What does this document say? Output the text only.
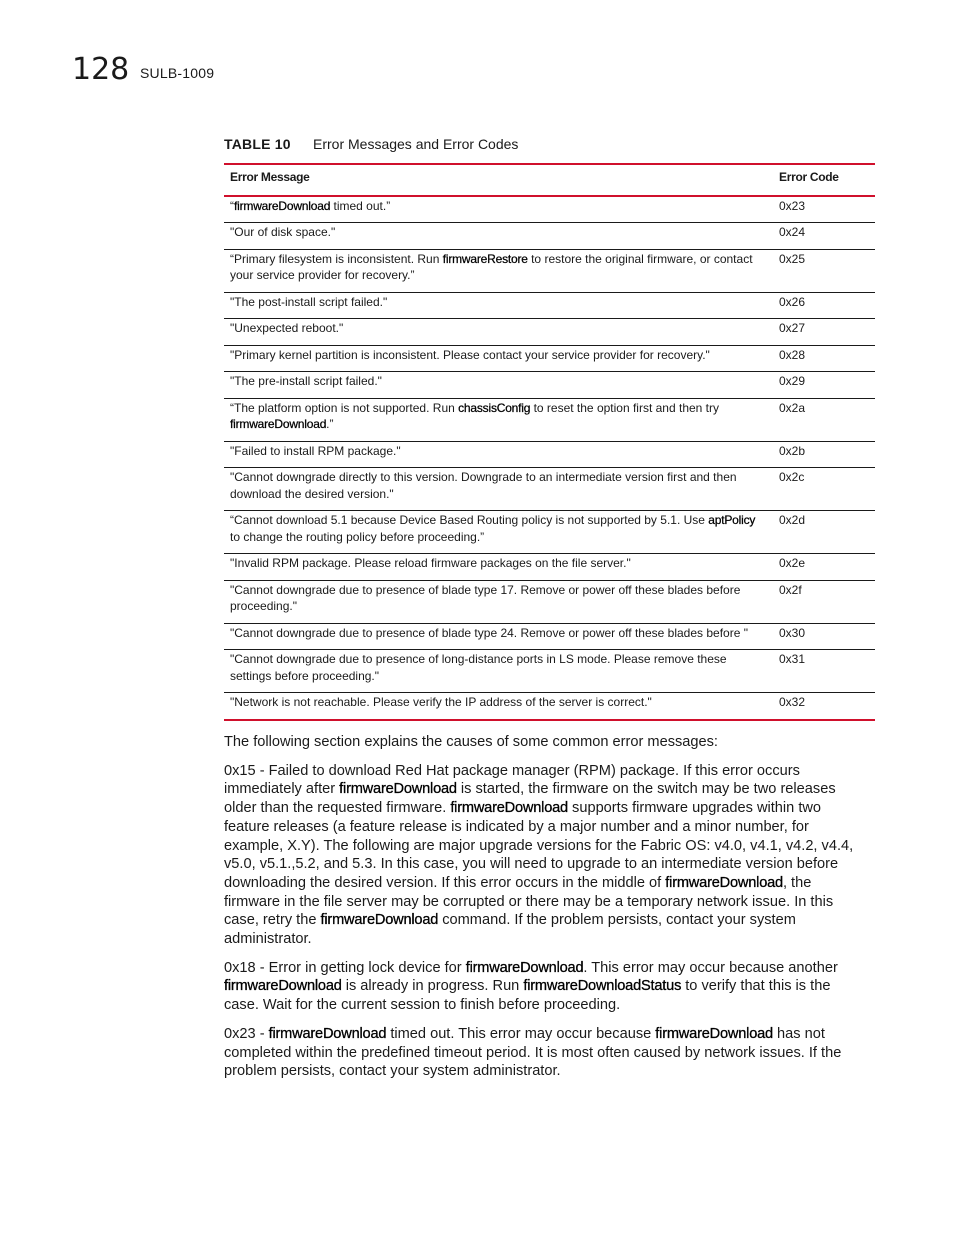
128 SULB-1009
TABLE 10 Error Messages and Error Codes
Error Message	Error Code
“firmwareDownload timed out.”	0x23
"Our of disk space."	0x24
“Primary filesystem is inconsistent. Run firmwareRestore to restore the original firmware, or contact your service provider for recovery.”	0x25
"The post-install script failed."	0x26
"Unexpected reboot."	0x27
"Primary kernel partition is inconsistent. Please contact your service provider for recovery."	0x28
"The pre-install script failed."	0x29
“The platform option is not supported. Run chassisConfig to reset the option first and then try firmwareDownload.”	0x2a
"Failed to install RPM package."	0x2b
"Cannot downgrade directly to this version. Downgrade to an intermediate version first and then download the desired version."	0x2c
“Cannot download 5.1 because Device Based Routing policy is not supported by 5.1. Use aptPolicy to change the routing policy before proceeding.”	0x2d
"Invalid RPM package. Please reload firmware packages on the file server."	0x2e
"Cannot downgrade due to presence of blade type 17. Remove or power off these blades before proceeding."	0x2f
"Cannot downgrade due to presence of blade type 24. Remove or power off these blades before "	0x30
"Cannot downgrade due to presence of long-distance ports in LS mode. Please remove these settings before proceeding."	0x31
"Network is not reachable. Please verify the IP address of the server is correct."	0x32

The following section explains the causes of some common error messages:

0x15 - Failed to download Red Hat package manager (RPM) package. If this error occurs immediately after firmwareDownload is started, the firmware on the switch may be two releases older than the requested firmware. firmwareDownload supports firmware upgrades within two feature releases (a feature release is indicated by a major number and a minor number, for example, X.Y). The following are major upgrade versions for the Fabric OS: v4.0, v4.1, v4.2, v4.4, v5.0, v5.1.,5.2, and 5.3. In this case, you will need to upgrade to an intermediate version before downloading the desired version. If this error occurs in the middle of firmwareDownload, the firmware in the file server may be corrupted or there may be a temporary network issue. In this case, retry the firmwareDownload command. If the problem persists, contact your system administrator.

0x18 - Error in getting lock device for firmwareDownload. This error may occur because another firmwareDownload is already in progress. Run firmwareDownloadStatus to verify that this is the case. Wait for the current session to finish before proceeding.

0x23 - firmwareDownload timed out. This error may occur because firmwareDownload has not completed within the predefined timeout period. It is most often caused by network issues. If the problem persists, contact your system administrator.
